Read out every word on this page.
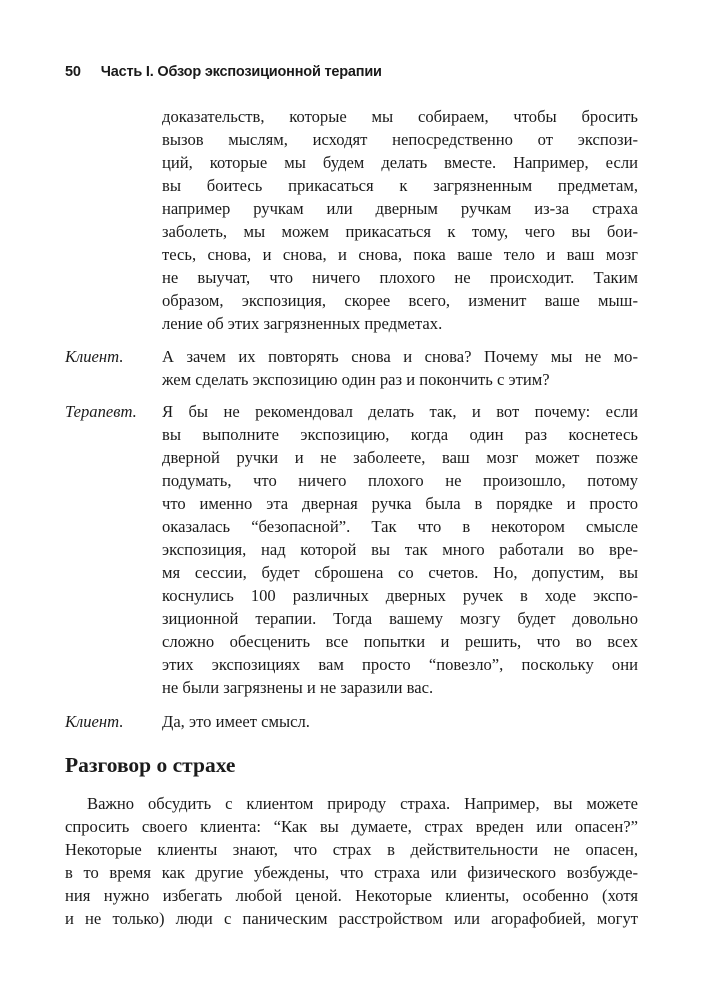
50 Часть I. Обзор экспозиционной терапии
доказательств, которые мы собираем, чтобы бросить
вызов мыслям, исходят непосредственно от экспози-
ций, которые мы будем делать вместе. Например, если
вы боитесь прикасаться к загрязненным предметам,
например ручкам или дверным ручкам из-за страха
заболеть, мы можем прикасаться к тому, чего вы бои-
тесь, снова, и снова, и снова, пока ваше тело и ваш мозг
не выучат, что ничего плохого не происходит. Таким
образом, экспозиция, скорее всего, изменит ваше мыш-
ление об этих загрязненных предметах.
Клиент. А зачем их повторять снова и снова? Почему мы не мо-
жем сделать экспозицию один раз и покончить с этим?
Терапевт. Я бы не рекомендовал делать так, и вот почему: если
вы выполните экспозицию, когда один раз коснетесь
дверной ручки и не заболеете, ваш мозг может позже
подумать, что ничего плохого не произошло, потому
что именно эта дверная ручка была в порядке и просто
оказалась “безопасной”. Так что в некотором смысле
экспозиция, над которой вы так много работали во вре-
мя сессии, будет сброшена со счетов. Но, допустим, вы
коснулись 100 различных дверных ручек в ходе экспо-
зиционной терапии. Тогда вашему мозгу будет довольно
сложно обесценить все попытки и решить, что во всех
этих экспозициях вам просто “повезло”, поскольку они
не были загрязнены и не заразили вас.
Клиент. Да, это имеет смысл.
Разговор о страхе
Важно обсудить с клиентом природу страха. Например, вы можете
спросить своего клиента: “Как вы думаете, страх вреден или опасен?”
Некоторые клиенты знают, что страх в действительности не опасен,
в то время как другие убеждены, что страха или физического возбужде-
ния нужно избегать любой ценой. Некоторые клиенты, особенно (хотя
и не только) люди с паническим расстройством или агорафобией, могут
